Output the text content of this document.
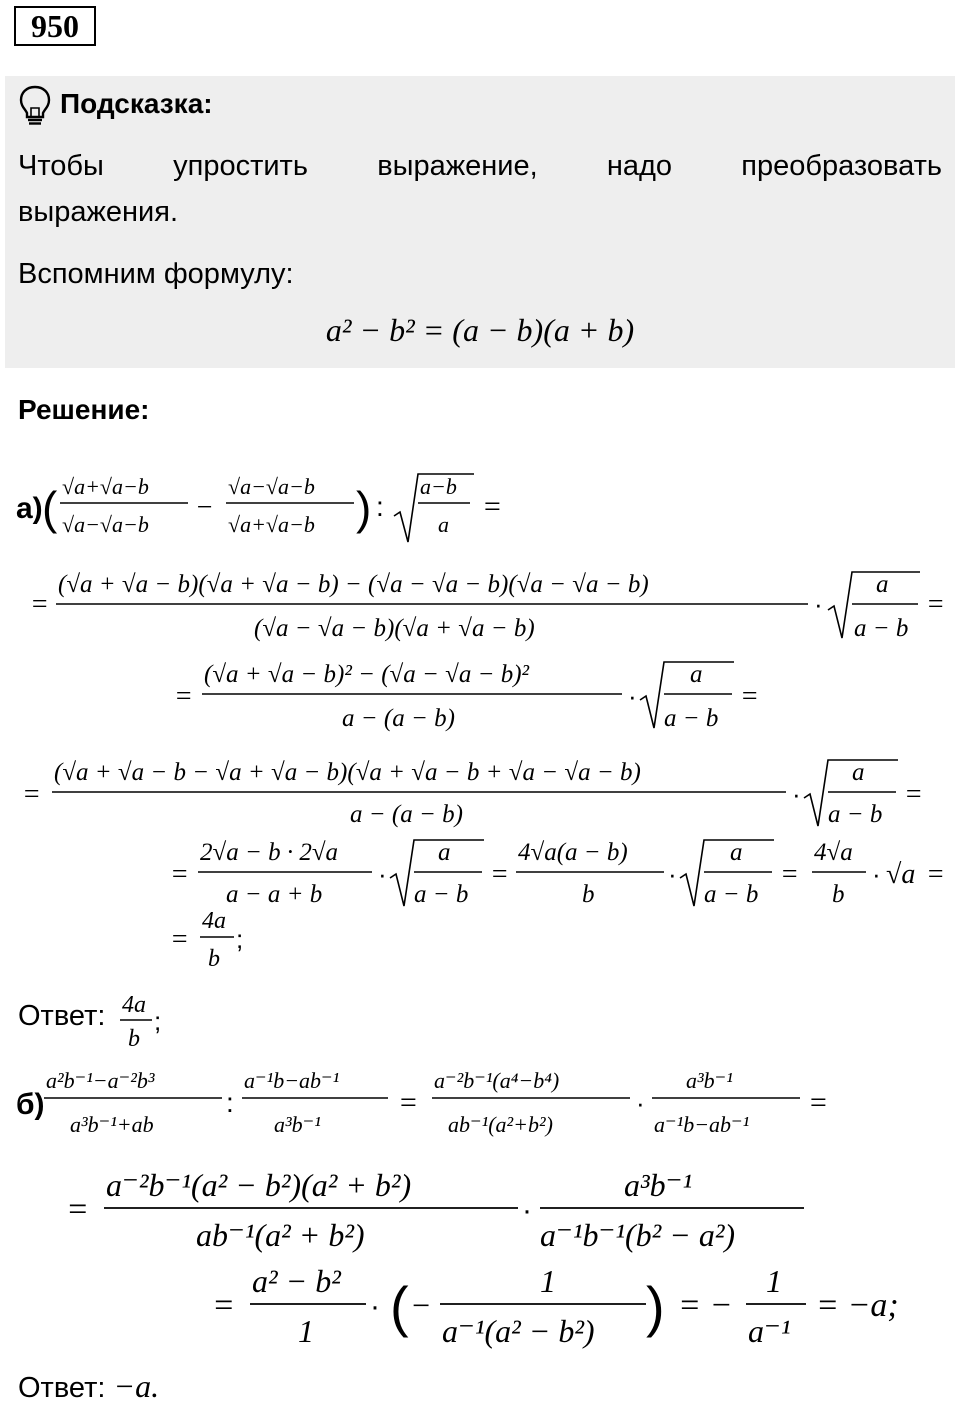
950
Подсказка:
Чтобы упростить выражение, надо преобразовать
выражения.
Вспомним формулу:
a² − b² = (a − b)(a + b)
Решение:
а) ( √a+√a−b
√a−√a−b
−
√a−√a−b
√a+√a−b ) :
a−b
a
=
=
(√a + √a − b)(√a + √a − b) − (√a − √a − b)(√a − √a − b)
(√a − √a − b)(√a + √a − b)
·
a
a − b
=
=
(√a + √a − b)² − (√a − √a − b)²
a − (a − b)
·
a
a − b
=
=
(√a + √a − b − √a + √a − b)(√a + √a − b + √a − √a − b)
a − (a − b)
·
a
a − b
=
=
2√a − b · 2√a
a − a + b
·
a
a − b
=
4√a(a − b)
b
·
a
a − b
=
4√a
b
· √a =
=
4a
b
;
Ответ: 4a
b
;
б)
a²b⁻¹−a⁻²b³
a³b⁻¹+ab
:
a⁻¹b−ab⁻¹
a³b⁻¹
=
a⁻²b⁻¹(a⁴−b⁴)
ab⁻¹(a²+b²)
·
a³b⁻¹
a⁻¹b−ab⁻¹
=
=
a⁻²b⁻¹(a² − b²)(a² + b²)
ab⁻¹(a² + b²)
·
a³b⁻¹
a⁻¹b⁻¹(b² − a²)
=
a² − b²
1
· ( −
1
a⁻¹(a² − b²) ) = −
1
a⁻¹
= −a;
Ответ: −a.
